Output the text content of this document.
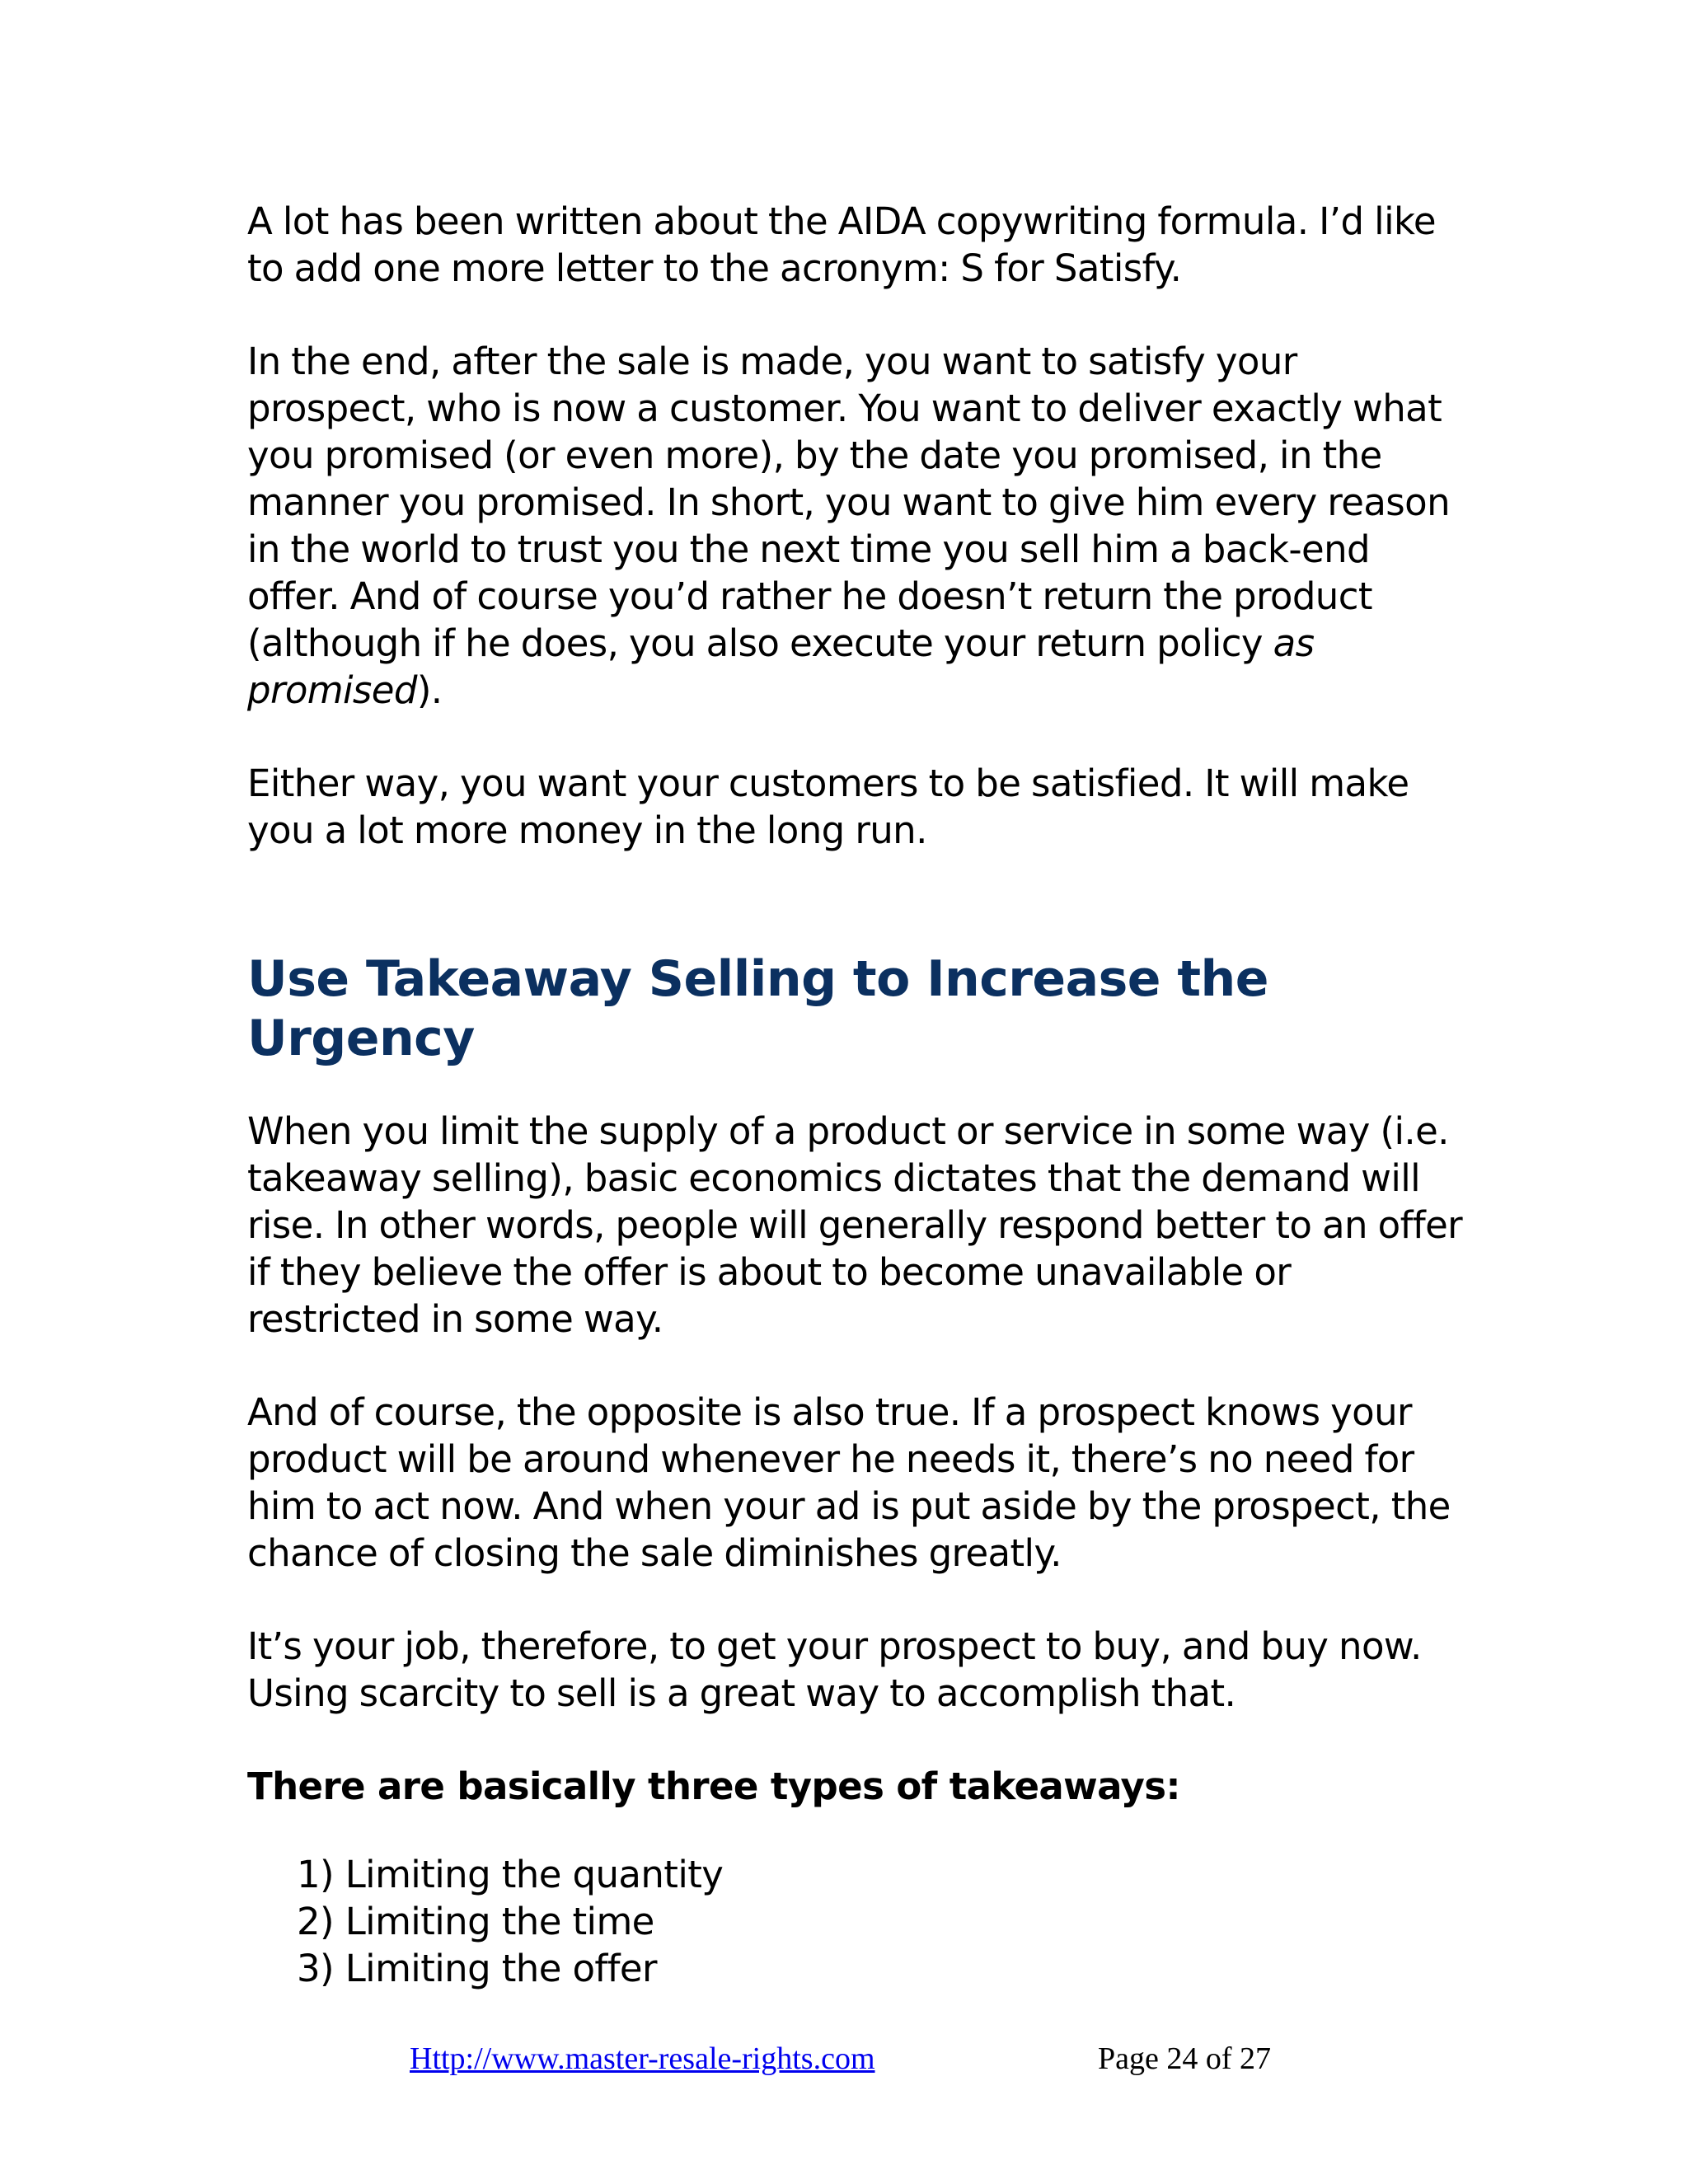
A lot has been written about the AIDA copywriting formula. I’d like to add one more letter to the acronym: S for Satisfy.

In the end, after the sale is made, you want to satisfy your prospect, who is now a customer. You want to deliver exactly what you promised (or even more), by the date you promised, in the manner you promised. In short, you want to give him every reason in the world to trust you the next time you sell him a back-end offer. And of course you’d rather he doesn’t return the product (although if he does, you also execute your return policy as promised).

Either way, you want your customers to be satisfied. It will make you a lot more money in the long run.

Use Takeaway Selling to Increase the Urgency

When you limit the supply of a product or service in some way (i.e. takeaway selling), basic economics dictates that the demand will rise. In other words, people will generally respond better to an offer if they believe the offer is about to become unavailable or restricted in some way.

And of course, the opposite is also true. If a prospect knows your product will be around whenever he needs it, there’s no need for him to act now. And when your ad is put aside by the prospect, the chance of closing the sale diminishes greatly.

It’s your job, therefore, to get your prospect to buy, and buy now. Using scarcity to sell is a great way to accomplish that.

There are basically three types of takeaways:

1) Limiting the quantity
2) Limiting the time
3) Limiting the offer
Http://www.master-resale-rights.com	Page 24 of 27
